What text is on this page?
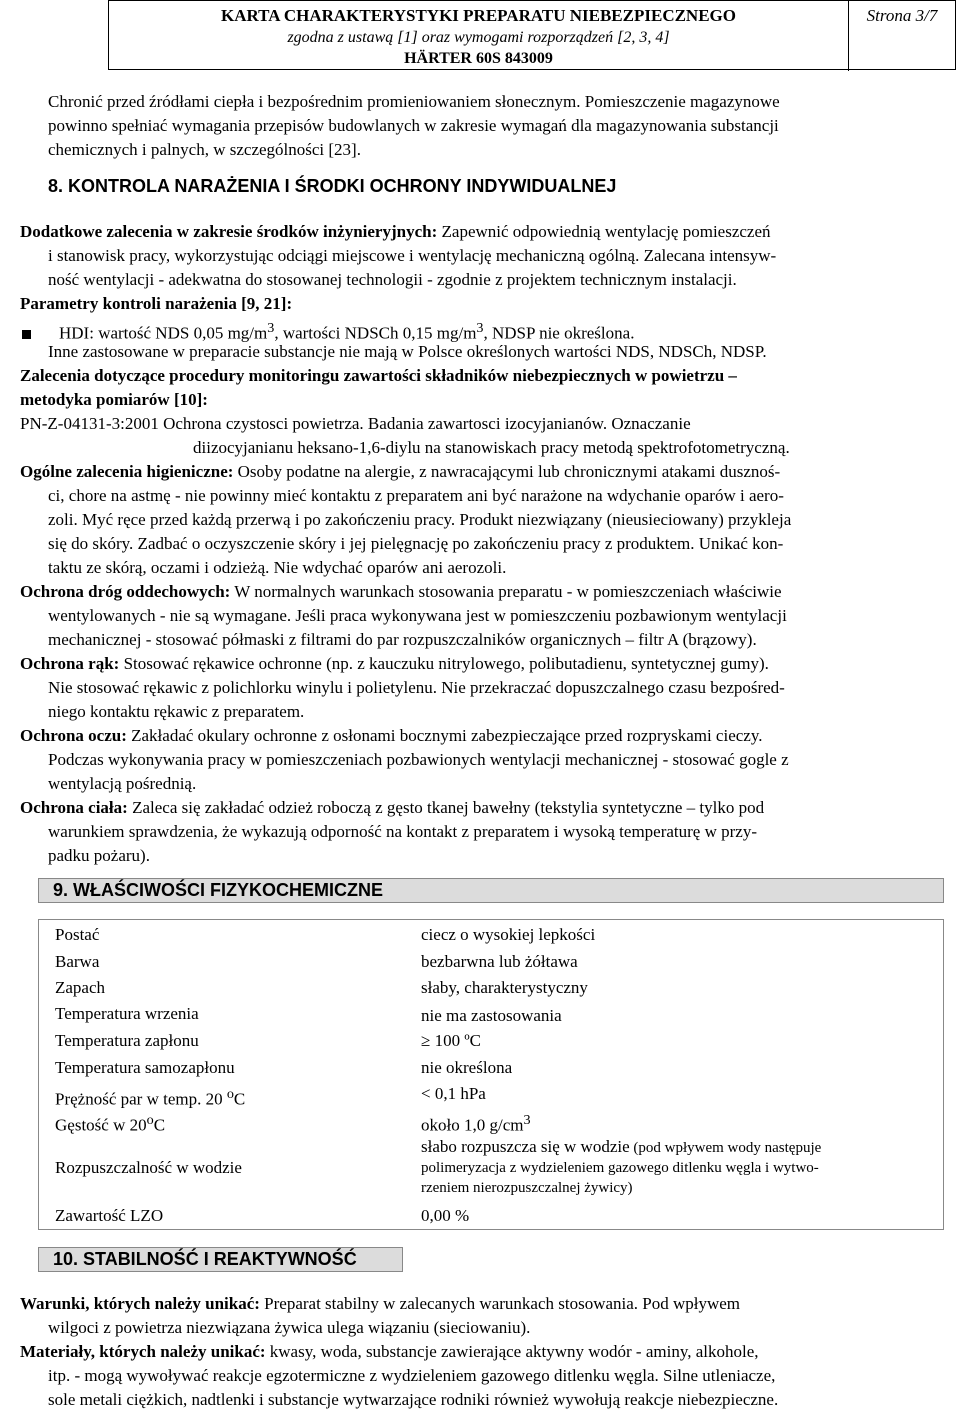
KARTA CHARAKTERYSTYKI PREPARATU NIEBEZPIECZNEGO
zgodna z ustawą [1] oraz wymogami rozporządzeń [2, 3, 4]
HÄRTER 60S 843009
Strona 3/7
Chronić przed źródłami ciepła i bezpośrednim promieniowaniem słonecznym. Pomieszczenie magazynowe
powinno spełniać wymagania przepisów budowlanych w zakresie wymagań dla magazynowania substancji
chemicznych i palnych, w szczególności [23].
8. KONTROLA NARAŻENIA I ŚRODKI OCHRONY INDYWIDUALNEJ
Dodatkowe zalecenia w zakresie środków inżynieryjnych: Zapewnić odpowiednią wentylację pomieszczeń
i stanowisk pracy, wykorzystując odciągi miejscowe i wentylację mechaniczną ogólną. Zalecana intensyw-
ność wentylacji - adekwatna do stosowanej technologii - zgodnie z projektem technicznym instalacji.
Parametry kontroli narażenia [9, 21]:
HDI: wartość NDS 0,05 $mg/m^3$, wartości NDSCh 0,15 $mg/m^3$, NDSP nie określona.
Inne zastosowane w preparacie substancje nie mają w Polsce określonych wartości NDS, NDSCh, NDSP.
Zalecenia dotyczące procedury monitoringu zawartości składników niebezpiecznych w powietrzu –
metodyka pomiarów [10]:
PN-Z-04131-3:2001 Ochrona czystosci powietrza. Badania zawartosci izocyjanianów. Oznaczanie
diizocyjanianu heksano-1,6-diylu na stanowiskach pracy metodą spektrofotometryczną.
Ogólne zalecenia higieniczne: Osoby podatne na alergie, z nawracającymi lub chronicznymi atakami dusznoś-
ci, chore na astmę - nie powinny mieć kontaktu z preparatem ani być narażone na wdychanie oparów i aero-
zoli. Myć ręce przed każdą przerwą i po zakończeniu pracy. Produkt niezwiązany (nieusieciowany) przykleja
się do skóry. Zadbać o oczyszczenie skóry i jej pielęgnację po zakończeniu pracy z produktem. Unikać kon-
taktu ze skórą, oczami i odzieżą. Nie wdychać oparów ani aerozoli.
Ochrona dróg oddechowych: W normalnych warunkach stosowania preparatu - w pomieszczeniach właściwie
wentylowanych - nie są wymagane. Jeśli praca wykonywana jest w pomieszczeniu pozbawionym wentylacji
mechanicznej - stosować półmaski z filtrami do par rozpuszczalników organicznych – filtr A (brązowy).
Ochrona rąk: Stosować rękawice ochronne (np. z kauczuku nitrylowego, polibutadienu, syntetycznej gumy).
Nie stosować rękawic z polichlorku winylu i polietylenu. Nie przekraczać dopuszczalnego czasu bezpośred-
niego kontaktu rękawic z preparatem.
Ochrona oczu: Zakładać okulary ochronne z osłonami bocznymi zabezpieczające przed rozpryskami cieczy.
Podczas wykonywania pracy w pomieszczeniach pozbawionych wentylacji mechanicznej - stosować gogle z
wentylacją pośrednią.
Ochrona ciała: Zaleca się zakładać odzież roboczą z gęsto tkanej bawełny (tekstylia syntetyczne – tylko pod
warunkiem sprawdzenia, że wykazują odporność na kontakt z preparatem i wysoką temperaturę w przy-
padku pożaru).
9. WŁAŚCIWOŚCI FIZYKOCHEMICZNE
Postać	ciecz o wysokiej lepkości
Barwa	bezbarwna lub żółtawa
Zapach	słaby, charakterystyczny
Temperatura wrzenia	nie ma zastosowania
Temperatura zapłonu	≥ 100 ºC
Temperatura samozapłonu	nie określona
Prężność par w temp. 20 $^o$C	< 0,1 hPa
Gęstość w 20$^o$C	około 1,0 $g/cm^3$
Rozpuszczalność w wodzie
słabo rozpuszcza się w wodzie (pod wpływem wody następuje
polimeryzacja z wydzieleniem gazowego ditlenku węgla i wytwo-
rzeniem nierozpuszczalnej żywicy)
Zawartość LZO	0,00 %
10. STABILNOŚĆ I REAKTYWNOŚĆ
Warunki, których należy unikać: Preparat stabilny w zalecanych warunkach stosowania. Pod wpływem
wilgoci z powietrza niezwiązana żywica ulega wiązaniu (sieciowaniu).
Materiały, których należy unikać: kwasy, woda, substancje zawierające aktywny wodór - aminy, alkohole,
itp. - mogą wywoływać reakcje egzotermiczne z wydzieleniem gazowego ditlenku węgla. Silne utleniacze,
sole metali ciężkich, nadtlenki i substancje wytwarzające rodniki również wywołują reakcje niebezpieczne.
